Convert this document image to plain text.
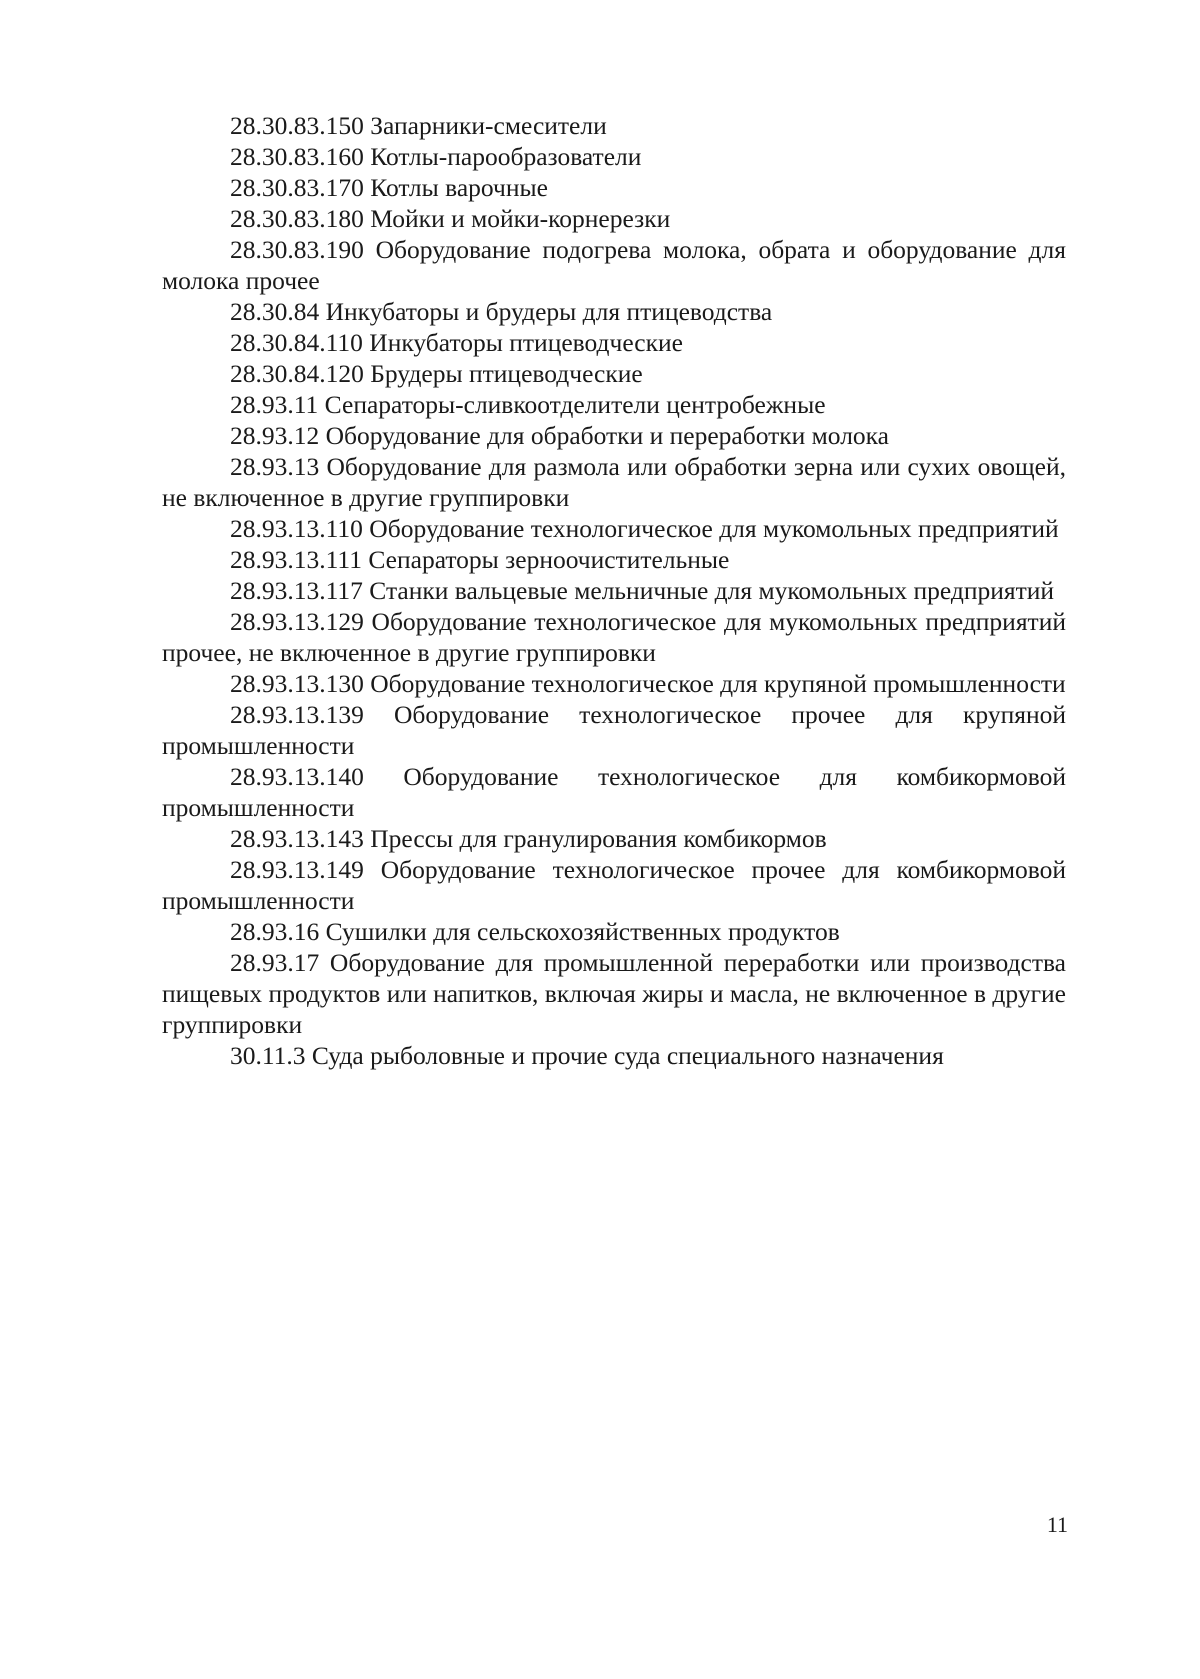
28.30.83.150 Запарники-смесители

28.30.83.160 Котлы-парообразователи

28.30.83.170 Котлы варочные

28.30.83.180 Мойки и мойки-корнерезки

28.30.83.190 Оборудование подогрева молока, обрата и оборудование для молока прочее

28.30.84 Инкубаторы и брудеры для птицеводства

28.30.84.110 Инкубаторы птицеводческие

28.30.84.120 Брудеры птицеводческие

28.93.11 Сепараторы-сливкоотделители центробежные

28.93.12 Оборудование для обработки и переработки молока

28.93.13 Оборудование для размола или обработки зерна или сухих овощей, не включенное в другие группировки

28.93.13.110 Оборудование технологическое для мукомольных предприятий

28.93.13.111 Сепараторы зерноочистительные

28.93.13.117 Станки вальцевые мельничные для мукомольных предприятий

28.93.13.129 Оборудование технологическое для мукомольных предприятий прочее, не включенное в другие группировки

28.93.13.130 Оборудование технологическое для крупяной промышленности

28.93.13.139 Оборудование технологическое прочее для крупяной промышленности

28.93.13.140 Оборудование технологическое для комбикормовой промышленности

28.93.13.143 Прессы для гранулирования комбикормов

28.93.13.149 Оборудование технологическое прочее для комбикормовой промышленности

28.93.16 Сушилки для сельскохозяйственных продуктов

28.93.17 Оборудование для промышленной переработки или производства пищевых продуктов или напитков, включая жиры и масла, не включенное в другие группировки

30.11.3 Суда рыболовные и прочие суда специального назначения

11
